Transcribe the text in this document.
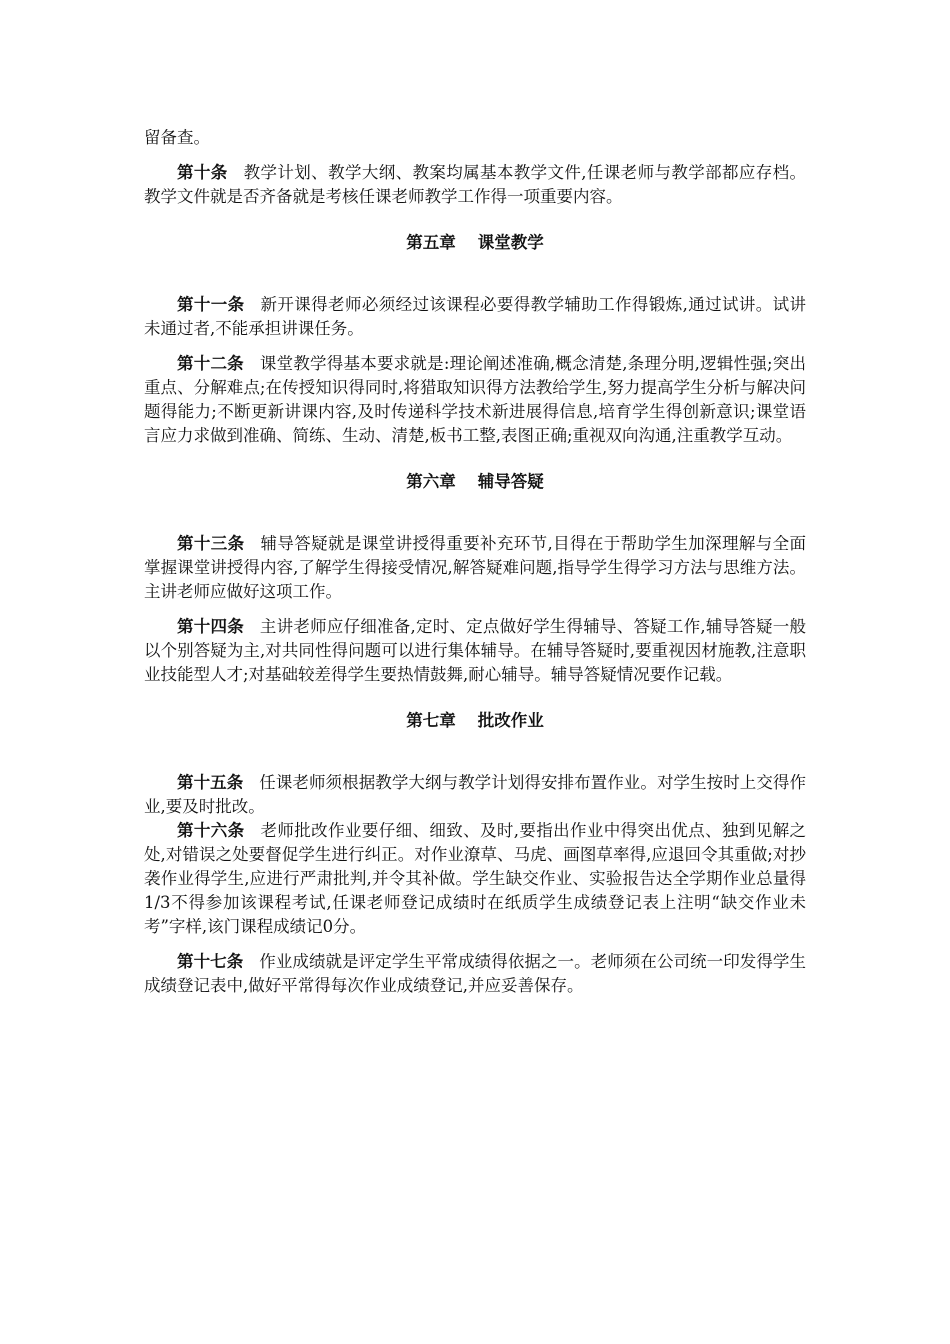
留备查。

第十条 教学计划、教学大纲、教案均属基本教学文件,任课老师与教学部都应存档。教学文件就是否齐备就是考核任课老师教学工作得一项重要内容。

第五章 课堂教学

第十一条 新开课得老师必须经过该课程必要得教学辅助工作得锻炼,通过试讲。试讲未通过者,不能承担讲课任务。

第十二条 课堂教学得基本要求就是:理论阐述准确,概念清楚,条理分明,逻辑性强;突出重点、分解难点;在传授知识得同时,将猎取知识得方法教给学生,努力提高学生分析与解决问题得能力;不断更新讲课内容,及时传递科学技术新进展得信息,培育学生得创新意识;课堂语言应力求做到准确、简练、生动、清楚,板书工整,表图正确;重视双向沟通,注重教学互动。

第六章 辅导答疑

第十三条 辅导答疑就是课堂讲授得重要补充环节,目得在于帮助学生加深理解与全面掌握课堂讲授得内容,了解学生得接受情况,解答疑难问题,指导学生得学习方法与思维方法。主讲老师应做好这项工作。

第十四条 主讲老师应仔细准备,定时、定点做好学生得辅导、答疑工作,辅导答疑一般以个别答疑为主,对共同性得问题可以进行集体辅导。在辅导答疑时,要重视因材施教,注意职业技能型人才;对基础较差得学生要热情鼓舞,耐心辅导。辅导答疑情况要作记载。

第七章 批改作业

第十五条 任课老师须根据教学大纲与教学计划得安排布置作业。对学生按时上交得作业,要及时批改。

第十六条 老师批改作业要仔细、细致、及时,要指出作业中得突出优点、独到见解之处,对错误之处要督促学生进行纠正。对作业潦草、马虎、画图草率得,应退回令其重做;对抄袭作业得学生,应进行严肃批判,并令其补做。学生缺交作业、实验报告达全学期作业总量得1/3不得参加该课程考试,任课老师登记成绩时在纸质学生成绩登记表上注明“缺交作业未考”字样,该门课程成绩记0分。

第十七条 作业成绩就是评定学生平常成绩得依据之一。老师须在公司统一印发得学生成绩登记表中,做好平常得每次作业成绩登记,并应妥善保存。
